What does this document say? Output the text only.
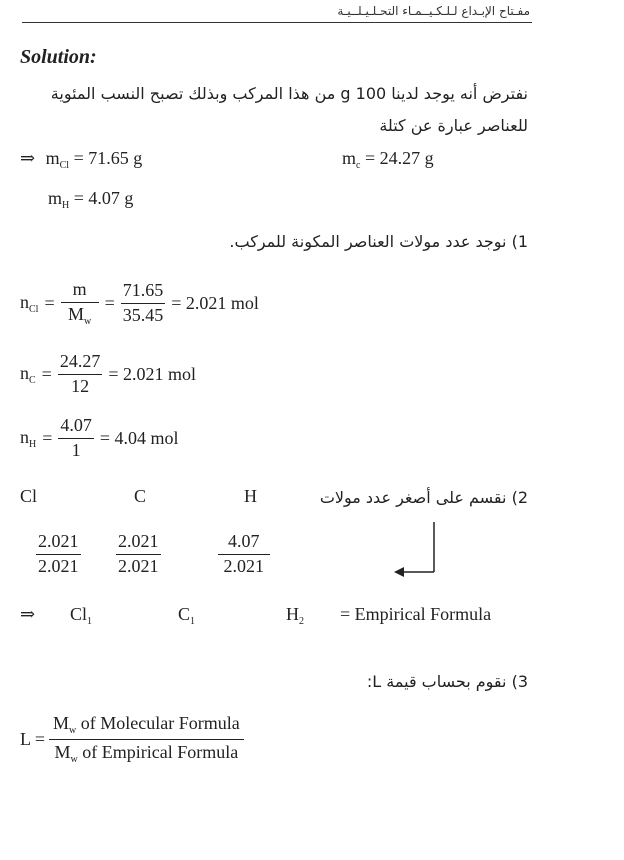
مفـتاح الإبـداع لـلـكـيــمـاء التحـلـيـلــيـة
Solution:
نفترض أنه يوجد لدينا g 100 من هذا المركب وبذلك تصبح النسب المئوية
للعناصر عبارة عن كتلة
⇒ $m_{Cl} = 71.65$ g	$m_c = 24.27$ g
$m_H = 4.07$ g
1) نوجد عدد مولات العناصر المكونة للمركب.
$n_{Cl} = \frac{m}{M_w} = \frac{71.65}{35.45} = 2.021$ mol
$n_C = \frac{24.27}{12} = 2.021$ mol
$n_H = \frac{4.07}{1} = 4.04$ mol
Cl	C	H	2) نقسم على أصغر عدد مولات
$\frac{2.021}{2.021} \frac{2.021}{2.021}$	$\frac{4.07}{2.021}$
⇒ $Cl_1$	$C_1$	$H_2$ = Empirical Formula
3) نقوم بحساب قيمة L:
$L = \frac{M_w of Molecular Formula}{M_w of Empirical Formula}$
